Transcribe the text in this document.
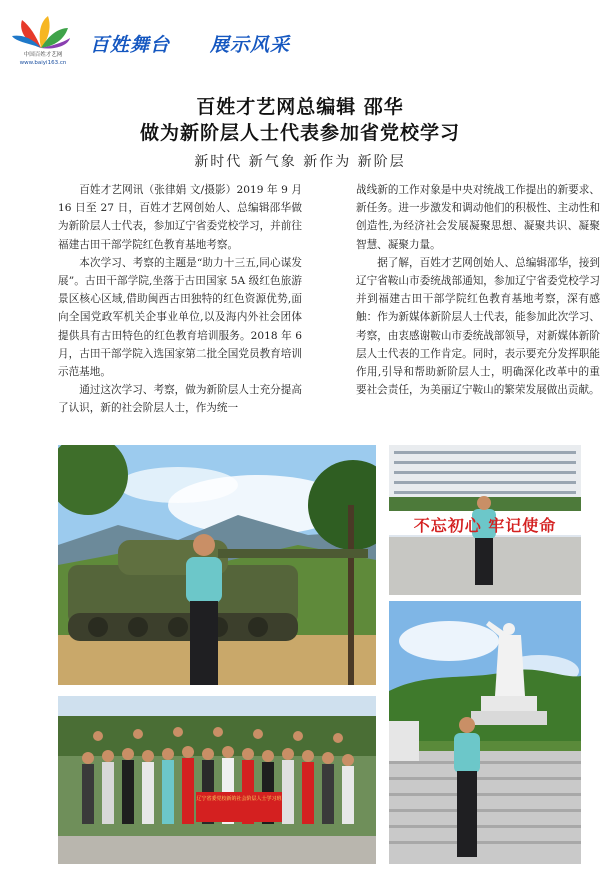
中国百姓才艺网
www.baiyi163.cn
百姓舞台 展示风采
百姓才艺网总编辑 邵华
做为新阶层人士代表参加省党校学习
新时代 新气象 新作为 新阶层

百姓才艺网讯（张律娟 文/摄影）2019 年 9 月 16 日至 27 日，百姓才艺网创始人、总编辑邵华做为新阶层人士代表，参加辽宁省委党校学习，并前往福建古田干部学院红色教育基地考察。

本次学习、考察的主题是“助力十三五,同心谋发展”。古田干部学院,坐落于古田国家 5A 级红色旅游景区核心区域,借助闽西古田独特的红色资源优势,面向全国党政军机关企事业单位,以及海内外社会团体提供具有古田特色的红色教育培训服务。2018 年 6 月，古田干部学院入选国家第二批全国党员教育培训示范基地。

通过这次学习、考察，做为新阶层人士充分提高了认识，新的社会阶层人士，作为统一

战线新的工作对象是中央对统战工作提出的新要求、新任务。进一步激发和调动他们的积极性、主动性和创造性,为经济社会发展凝聚思想、凝聚共识、凝聚智慧、凝聚力量。

据了解，百姓才艺网创始人、总编辑邵华，接到辽宁省鞍山市委统战部通知，参加辽宁省委党校学习并到福建古田干部学院红色教育基地考察，深有感触：作为新媒体新阶层人士代表，能参加此次学习、考察，由衷感谢鞍山市委统战部领导，对新媒体新阶层人士代表的工作肯定。同时，表示要充分发挥职能作用,引导和帮助新阶层人士，明确深化改革中的重要社会责任，为美丽辽宁鞍山的繁荣发展做出贡献。

不忘初心 牢记使命
辽宁省委党校新的社会阶层人士学习班
